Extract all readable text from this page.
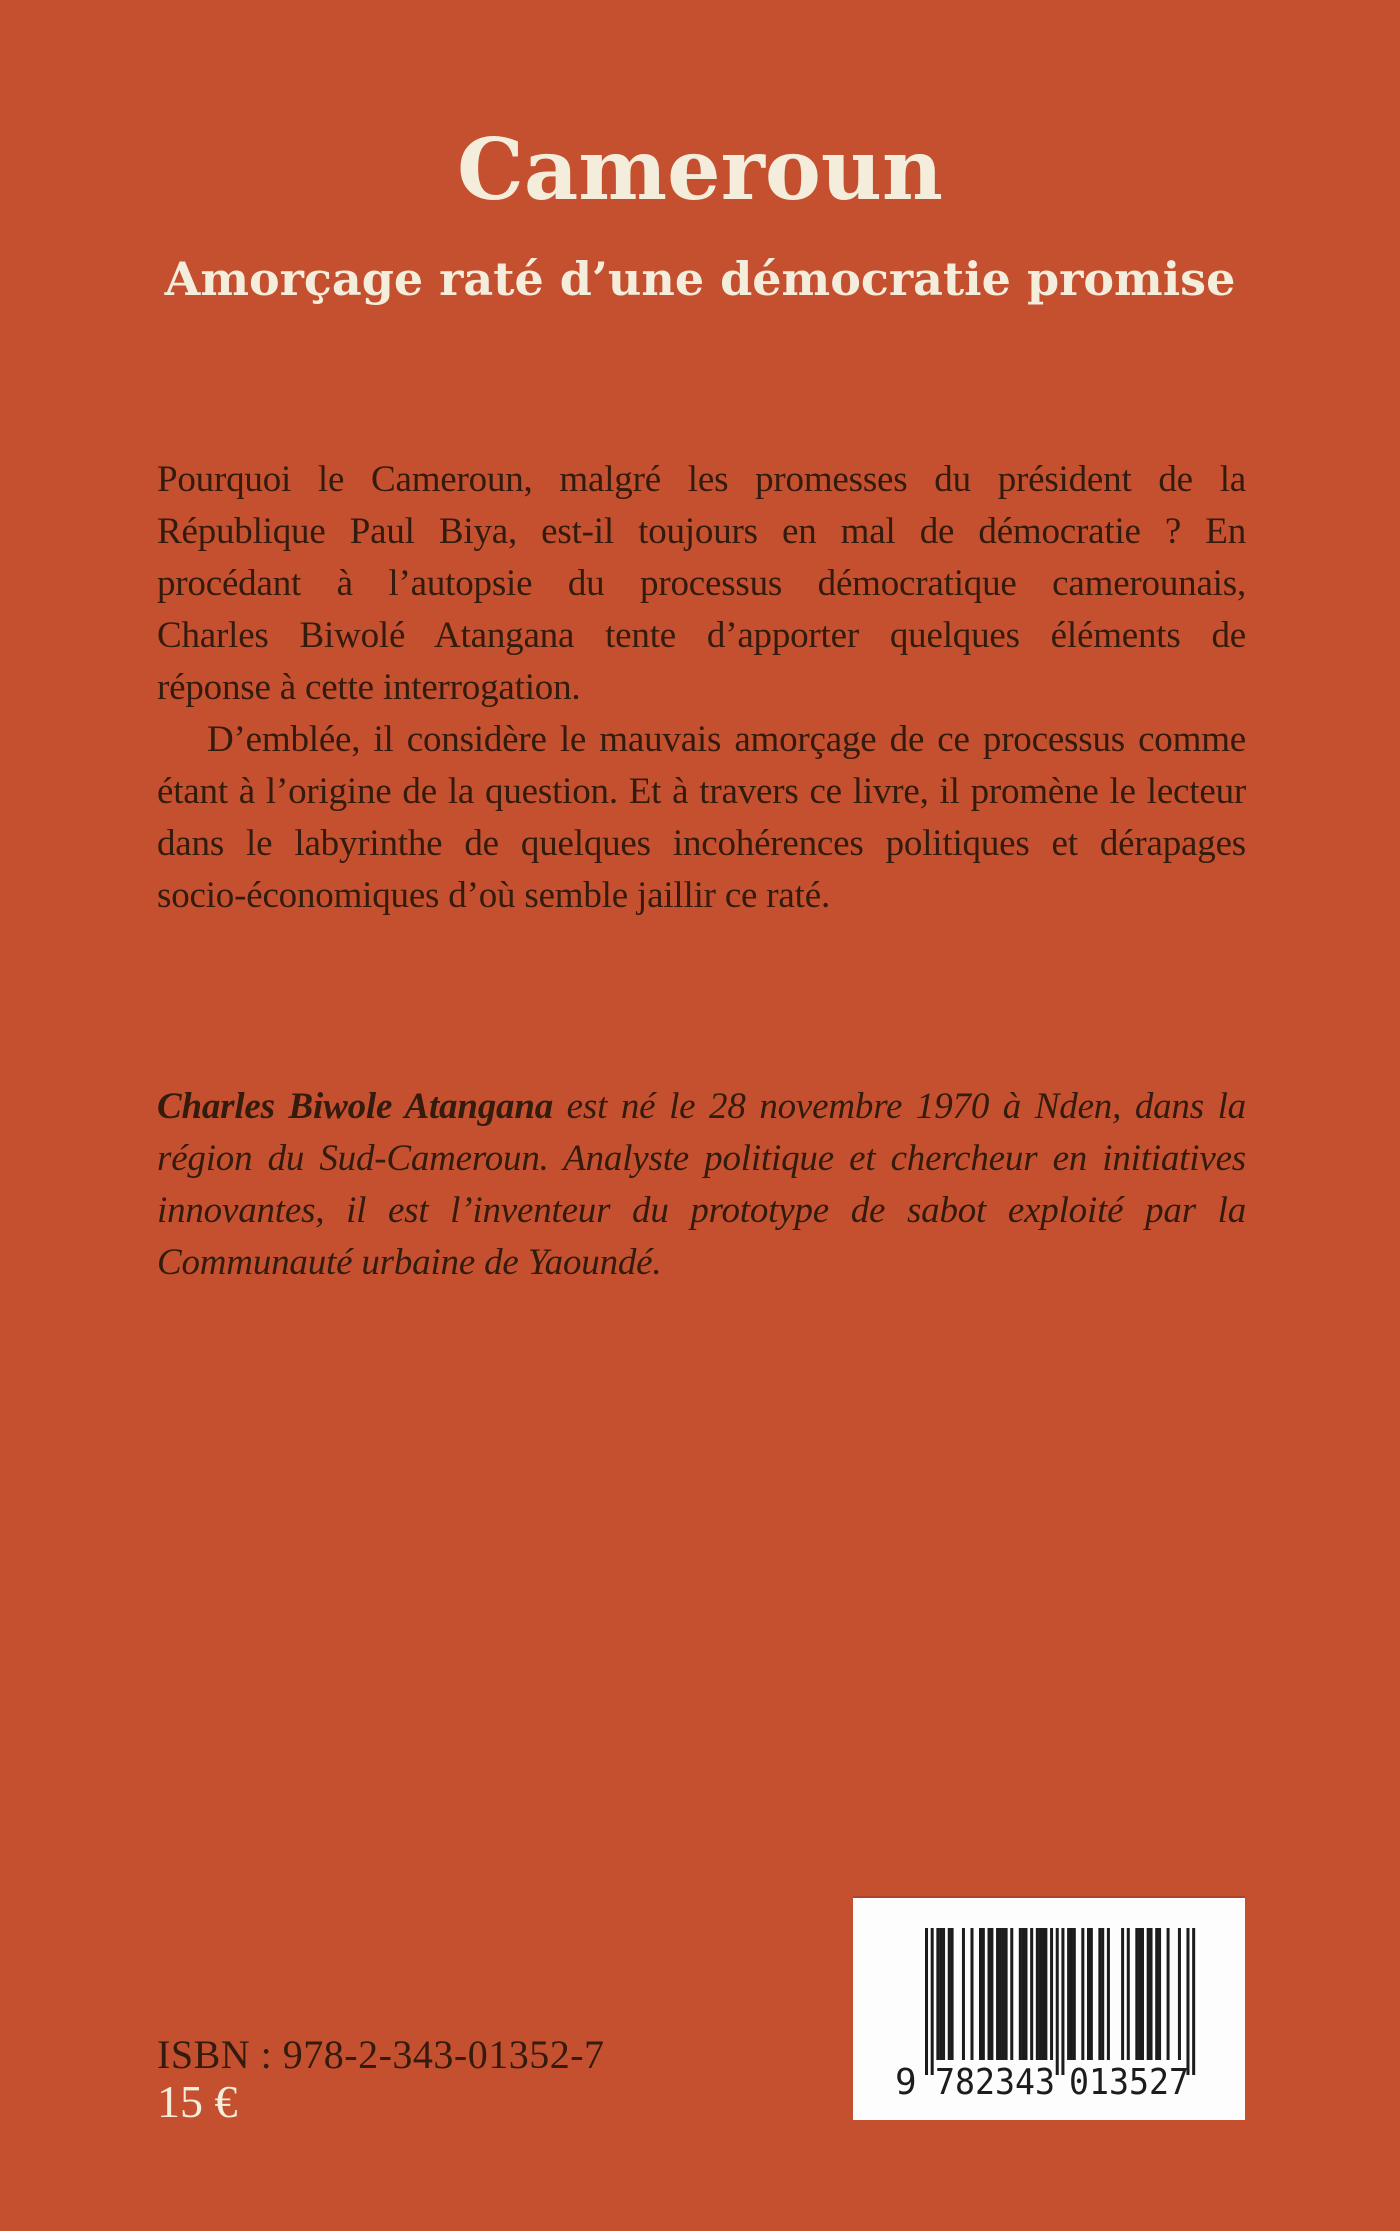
Cameroun
Amorçage raté d’une démocratie promise
Pourquoi le Cameroun, malgré les promesses du président de la
République Paul Biya, est-il toujours en mal de démocratie ? En
procédant à l’autopsie du processus démocratique camerounais,
Charles Biwolé Atangana tente d’apporter quelques éléments de
réponse à cette interrogation.
D’emblée, il considère le mauvais amorçage de ce processus comme
étant à l’origine de la question. Et à travers ce livre, il promène le lecteur
dans le labyrinthe de quelques incohérences politiques et dérapages
socio-économiques d’où semble jaillir ce raté.
Charles Biwole Atangana est né le 28 novembre 1970 à Nden, dans la
région du Sud-Cameroun. Analyste politique et chercheur en initiatives
innovantes, il est l’inventeur du prototype de sabot exploité par la
Communauté urbaine de Yaoundé.
9 782343 013527
ISBN : 978-2-343-01352-7
15 €
